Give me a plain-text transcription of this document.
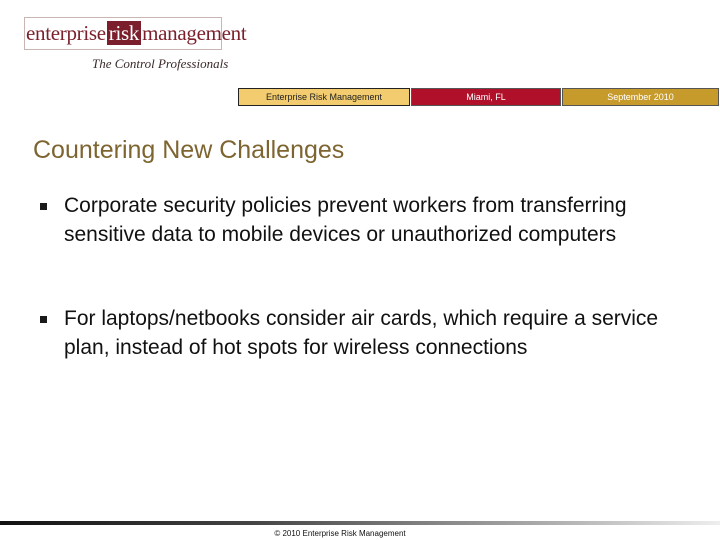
enterprise risk management
The Control Professionals
Enterprise Risk Management	Miami, FL	September 2010
Countering New Challenges
Corporate security policies prevent workers from transferring sensitive data to mobile devices or unauthorized computers
For laptops/netbooks consider air cards, which require a service plan, instead of hot spots for wireless connections
© 2010 Enterprise Risk Management
